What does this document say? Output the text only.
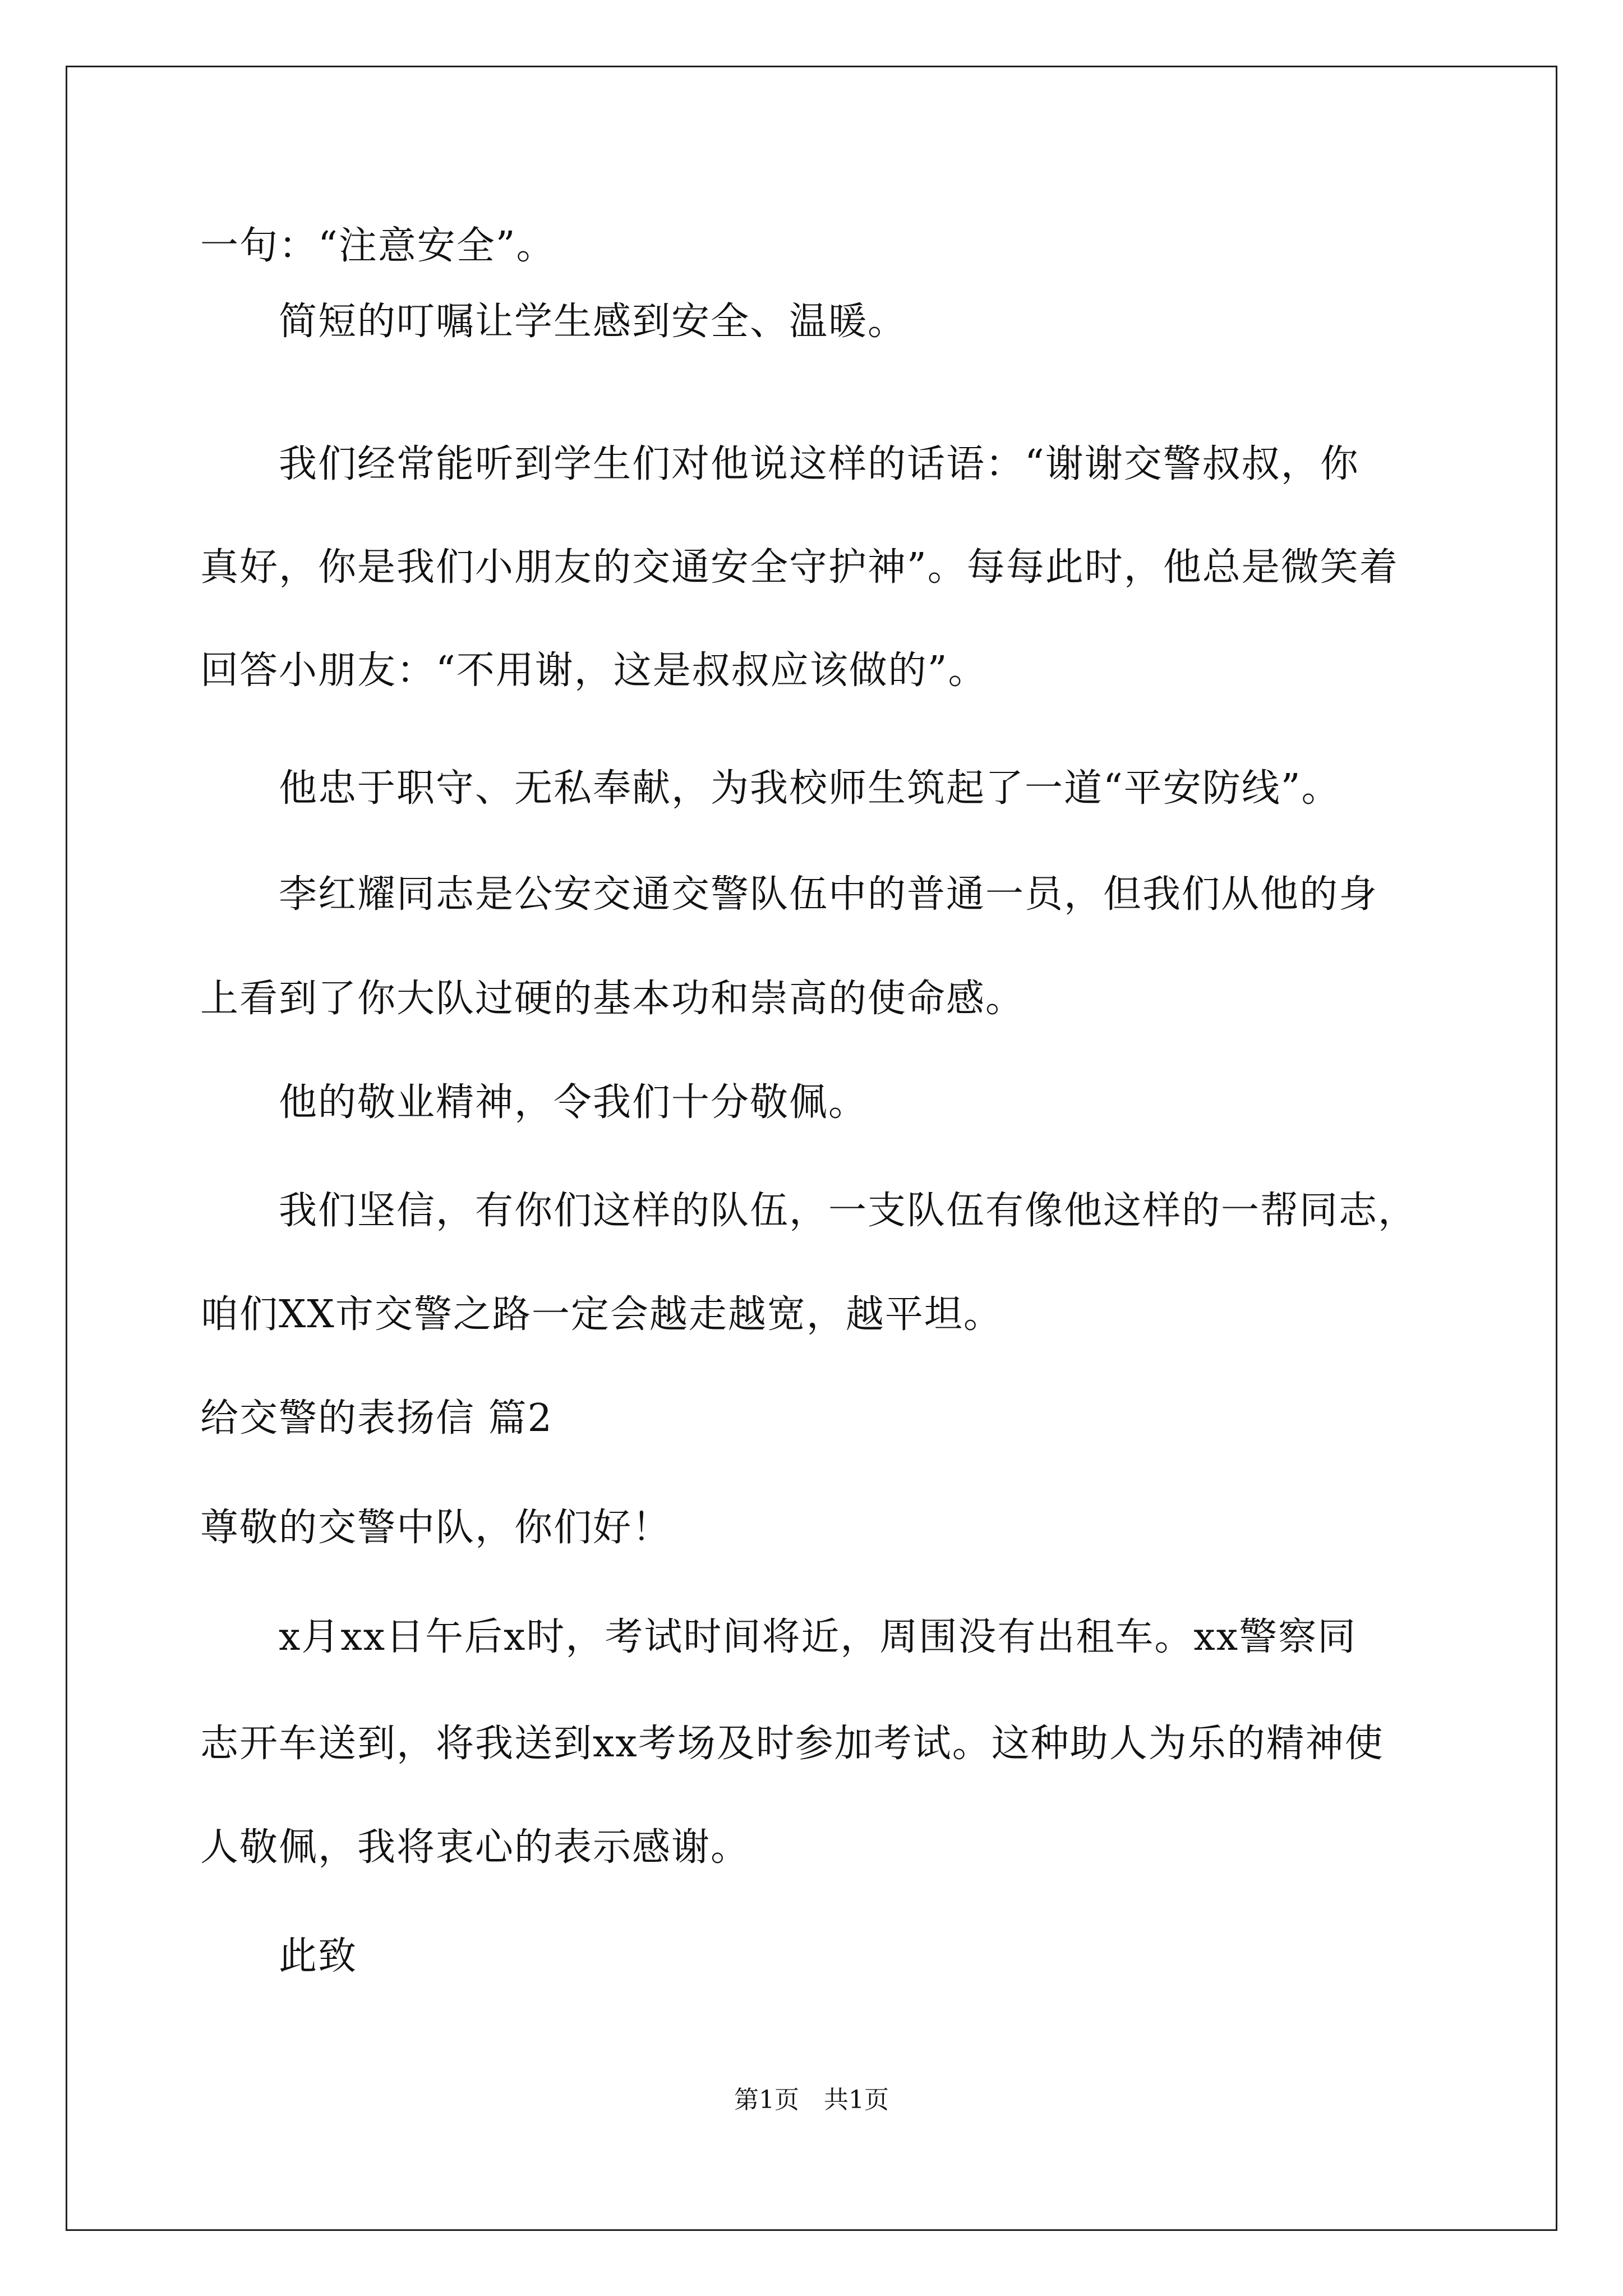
一句：“注意安全”。
简短的叮嘱让学生感到安全、温暖。
我们经常能听到学生们对他说这样的话语：“谢谢交警叔叔，你
真好，你是我们小朋友的交通安全守护神”。每每此时，他总是微笑着
回答小朋友：“不用谢，这是叔叔应该做的”。
他忠于职守、无私奉献，为我校师生筑起了一道“平安防线”。
李红耀同志是公安交通交警队伍中的普通一员，但我们从他的身
上看到了你大队过硬的基本功和崇高的使命感。
他的敬业精神，令我们十分敬佩。
我们坚信，有你们这样的队伍，一支队伍有像他这样的一帮同志，
咱们XX市交警之路一定会越走越宽，越平坦。
给交警的表扬信 篇2
尊敬的交警中队，你们好！
x月xx日午后x时，考试时间将近，周围没有出租车。xx警察同
志开车送到，将我送到xx考场及时参加考试。这种助人为乐的精神使
人敬佩，我将衷心的表示感谢。
此致
第1页　共1页
